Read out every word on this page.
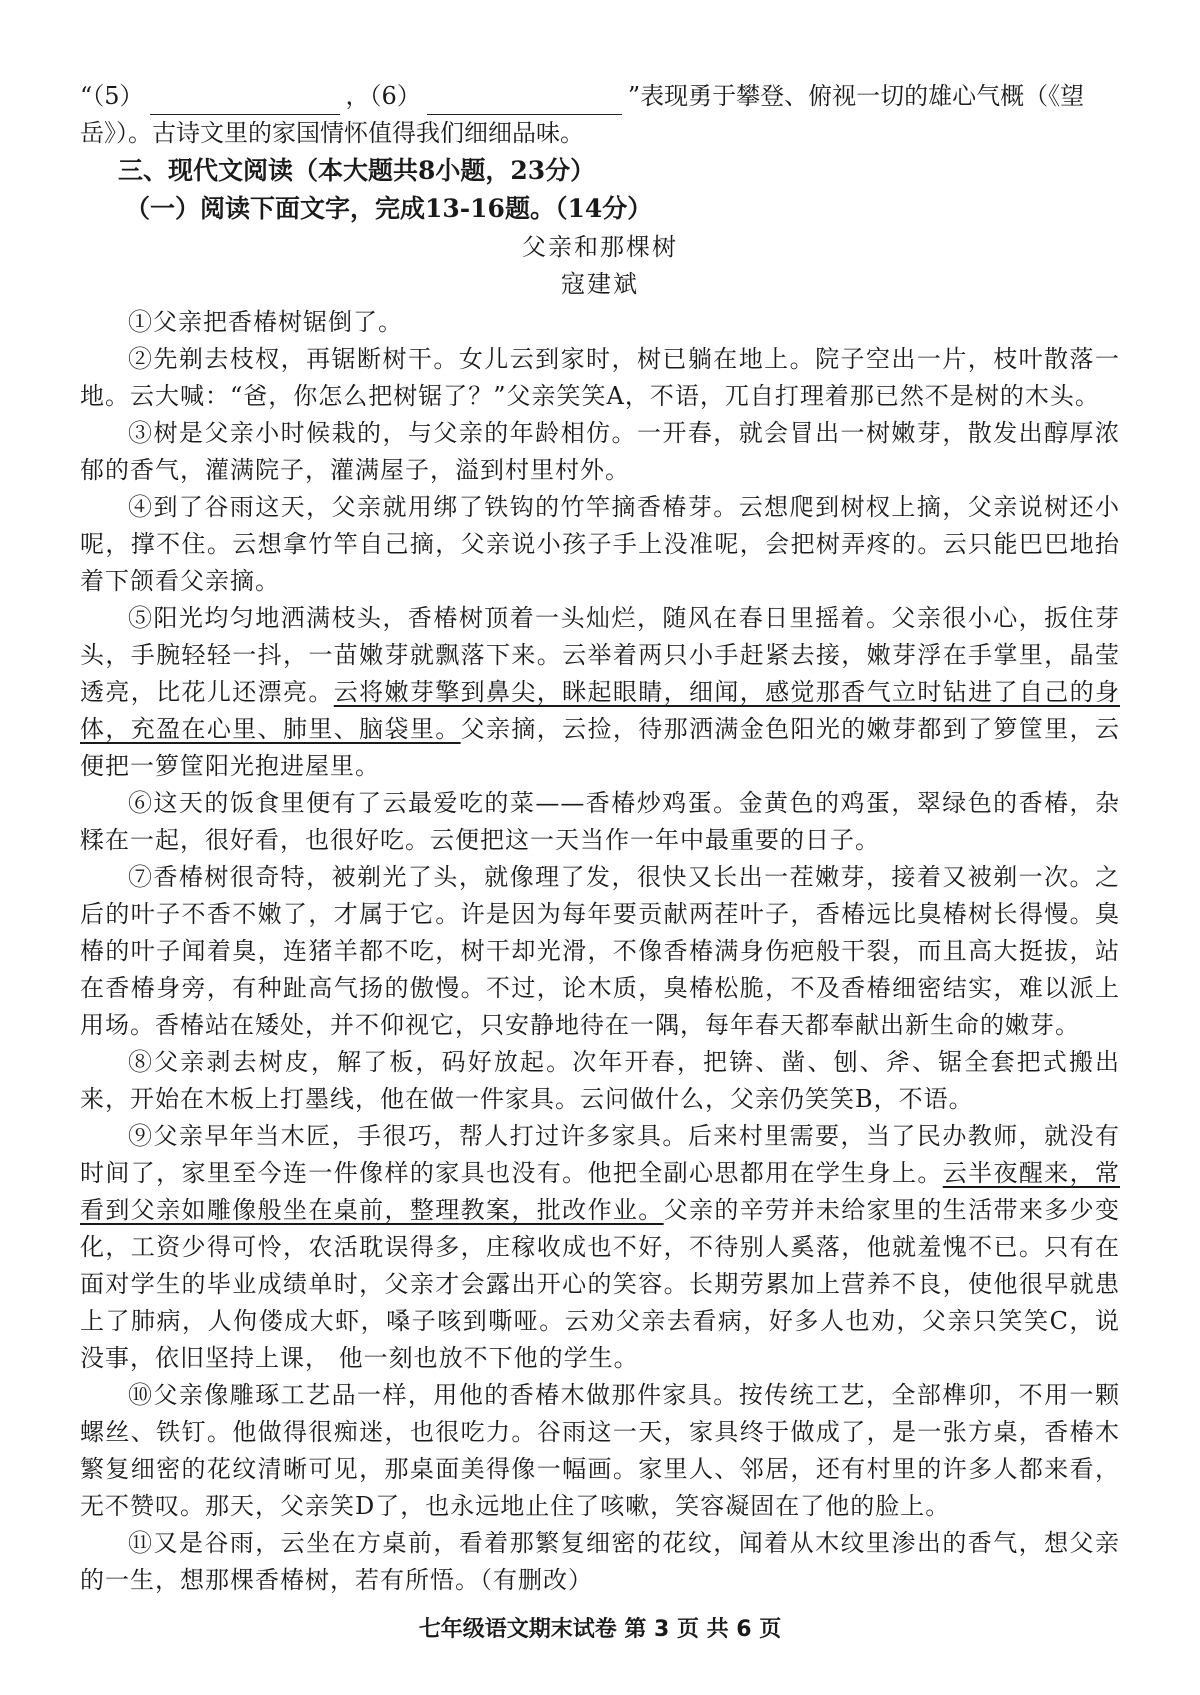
“（5）	，（6）	”表现勇于攀登、俯视一切的雄心气概（《望

岳》）。古诗文里的家国情怀值得我们细细品味。

三、现代文阅读（本大题共8小题，23分）

（一）阅读下面文字，完成13-16题。（14分）

父亲和那棵树

寇建斌

①父亲把香椿树锯倒了。

②先剃去枝杈，再锯断树干。女儿云到家时，树已躺在地上。院子空出一片，枝叶散落一地。云大喊：“爸，你怎么把树锯了？”父亲笑笑A，不语，兀自打理着那已然不是树的木头。

③树是父亲小时候栽的，与父亲的年龄相仿。一开春，就会冒出一树嫩芽，散发出醇厚浓郁的香气，灌满院子，灌满屋子，溢到村里村外。

④到了谷雨这天，父亲就用绑了铁钩的竹竿摘香椿芽。云想爬到树杈上摘，父亲说树还小呢，撑不住。云想拿竹竿自己摘，父亲说小孩子手上没准呢，会把树弄疼的。云只能巴巴地抬着下颌看父亲摘。

⑤阳光均匀地洒满枝头，香椿树顶着一头灿烂，随风在春日里摇着。父亲很小心，扳住芽头，手腕轻轻一抖，一苗嫩芽就飘落下来。云举着两只小手赶紧去接，嫩芽浮在手掌里，晶莹透亮，比花儿还漂亮。云将嫩芽擎到鼻尖，眯起眼睛，细闻，感觉那香气立时钻进了自己的身体，充盈在心里、肺里、脑袋里。父亲摘，云捡，待那洒满金色阳光的嫩芽都到了箩筐里，云便把一箩筐阳光抱进屋里。

⑥这天的饭食里便有了云最爱吃的菜——香椿炒鸡蛋。金黄色的鸡蛋，翠绿色的香椿，杂糅在一起，很好看，也很好吃。云便把这一天当作一年中最重要的日子。

⑦香椿树很奇特，被剃光了头，就像理了发，很快又长出一茬嫩芽，接着又被剃一次。之后的叶子不香不嫩了，才属于它。许是因为每年要贡献两茬叶子，香椿远比臭椿树长得慢。臭椿的叶子闻着臭，连猪羊都不吃，树干却光滑，不像香椿满身伤疤般干裂，而且高大挺拔，站在香椿身旁，有种趾高气扬的傲慢。不过，论木质，臭椿松脆，不及香椿细密结实，难以派上用场。香椿站在矮处，并不仰视它，只安静地待在一隅，每年春天都奉献出新生命的嫩芽。

⑧父亲剥去树皮，解了板，码好放起。次年开春，把锛、凿、刨、斧、锯全套把式搬出来，开始在木板上打墨线，他在做一件家具。云问做什么，父亲仍笑笑B，不语。

⑨父亲早年当木匠，手很巧，帮人打过许多家具。后来村里需要，当了民办教师，就没有时间了，家里至今连一件像样的家具也没有。他把全副心思都用在学生身上。云半夜醒来，常看到父亲如雕像般坐在桌前，整理教案，批改作业。父亲的辛劳并未给家里的生活带来多少变化，工资少得可怜，农活耽误得多，庄稼收成也不好，不待别人奚落，他就羞愧不已。只有在面对学生的毕业成绩单时，父亲才会露出开心的笑容。长期劳累加上营养不良，使他很早就患上了肺病，人佝偻成大虾，嗓子咳到嘶哑。云劝父亲去看病，好多人也劝，父亲只笑笑C，说没事，依旧坚持上课， 他一刻也放不下他的学生。

⑩父亲像雕琢工艺品一样，用他的香椿木做那件家具。按传统工艺，全部榫卯，不用一颗螺丝、铁钉。他做得很痴迷，也很吃力。谷雨这一天，家具终于做成了，是一张方桌，香椿木繁复细密的花纹清晰可见，那桌面美得像一幅画。家里人、邻居，还有村里的许多人都来看，无不赞叹。那天，父亲笑D了，也永远地止住了咳嗽，笑容凝固在了他的脸上。

⑪又是谷雨，云坐在方桌前，看着那繁复细密的花纹，闻着从木纹里渗出的香气，想父亲的一生，想那棵香椿树，若有所悟。（有删改）

七年级语文期末试卷 第 3 页 共 6 页
